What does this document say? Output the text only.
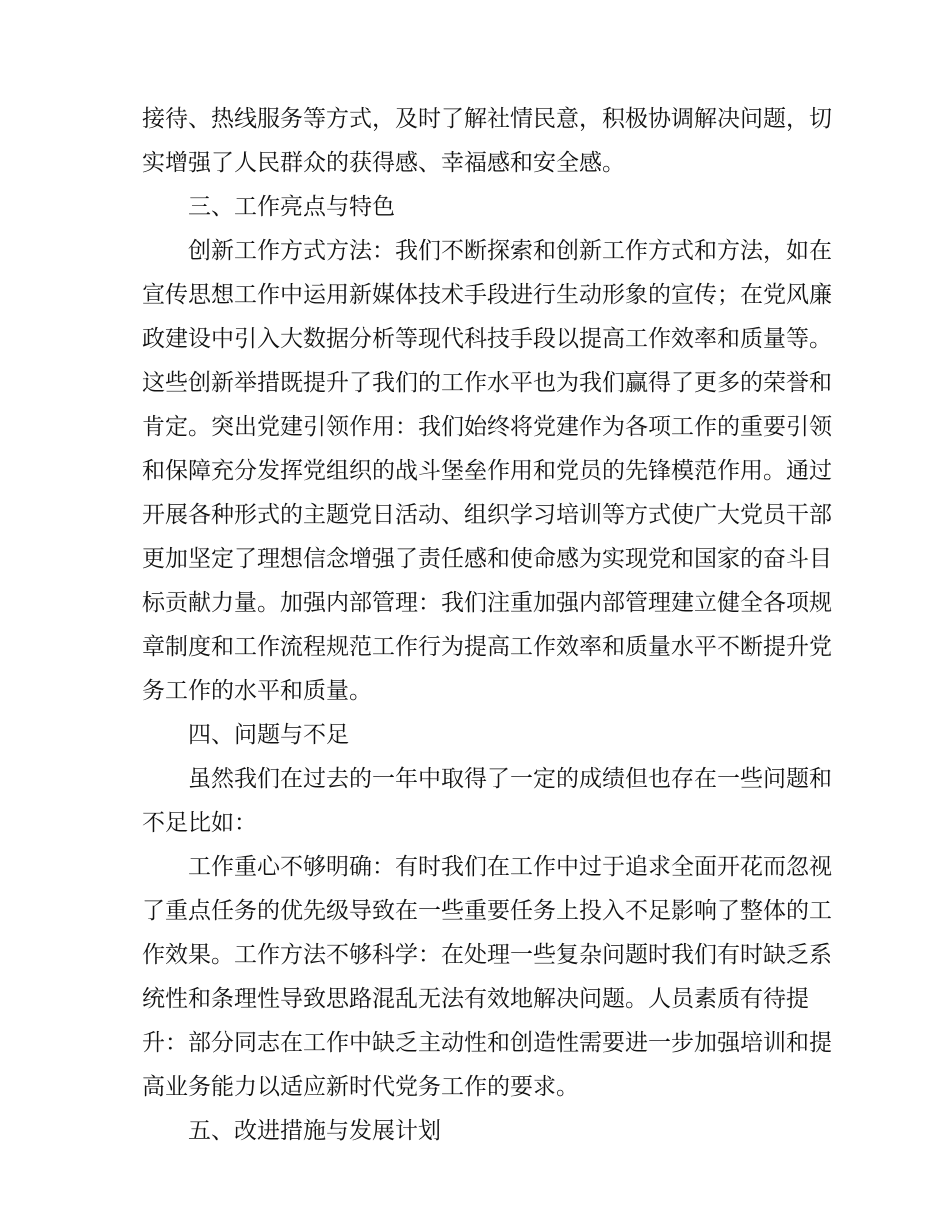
接待、热线服务等方式，及时了解社情民意，积极协调解决问题，切
实增强了人民群众的获得感、幸福感和安全感。
三、工作亮点与特色
创新工作方式方法：我们不断探索和创新工作方式和方法，如在
宣传思想工作中运用新媒体技术手段进行生动形象的宣传；在党风廉
政建设中引入大数据分析等现代科技手段以提高工作效率和质量等。
这些创新举措既提升了我们的工作水平也为我们赢得了更多的荣誉和
肯定。突出党建引领作用：我们始终将党建作为各项工作的重要引领
和保障充分发挥党组织的战斗堡垒作用和党员的先锋模范作用。通过
开展各种形式的主题党日活动、组织学习培训等方式使广大党员干部
更加坚定了理想信念增强了责任感和使命感为实现党和国家的奋斗目
标贡献力量。加强内部管理：我们注重加强内部管理建立健全各项规
章制度和工作流程规范工作行为提高工作效率和质量水平不断提升党
务工作的水平和质量。
四、问题与不足
虽然我们在过去的一年中取得了一定的成绩但也存在一些问题和
不足比如：
工作重心不够明确：有时我们在工作中过于追求全面开花而忽视
了重点任务的优先级导致在一些重要任务上投入不足影响了整体的工
作效果。工作方法不够科学：在处理一些复杂问题时我们有时缺乏系
统性和条理性导致思路混乱无法有效地解决问题。人员素质有待提
升：部分同志在工作中缺乏主动性和创造性需要进一步加强培训和提
高业务能力以适应新时代党务工作的要求。
五、改进措施与发展计划
